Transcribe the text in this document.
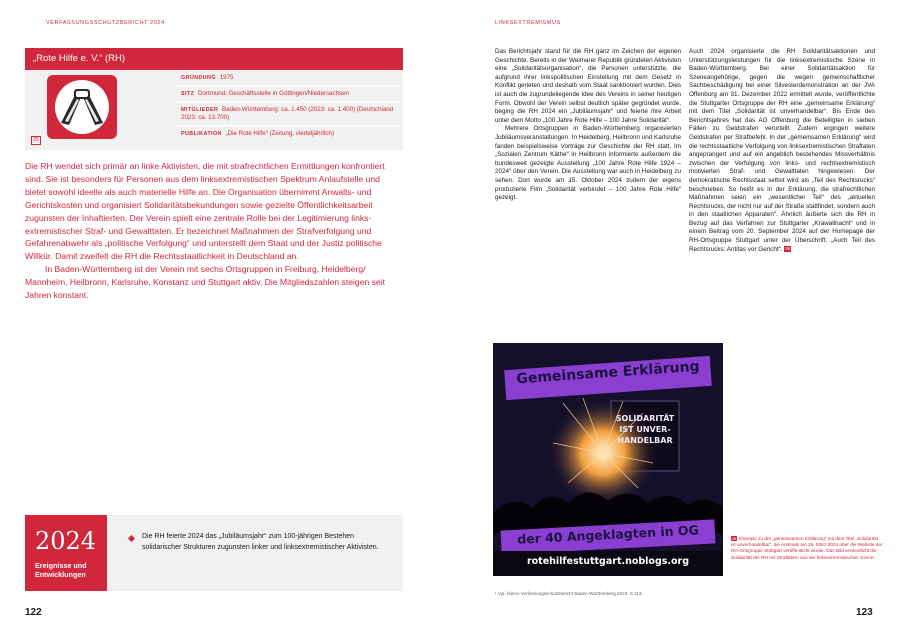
VERFASSUNGSSCHUTZBERICHT 2024	LINKSEXTREMISMUS
„Rote Hilfe e. V.“ (RH)
25
GRÜNDUNG 1975
SITZ Dortmund; Geschäftsstelle in Göttingen/Niedersachsen
MITGLIEDER Baden-Württemberg: ca. 1.450 (2023: ca. 1.400) (Deutschland 2023: ca. 13.700)
PUBLIKATION „Die Rote Hilfe“ (Zeitung, vierteljährlich)

Die RH wendet sich primär an linke Aktivisten, die mit strafrechtlichen Ermittlungen konfrontiert sind. Sie ist besonders für Personen aus dem linksextremistischen Spektrum Anlaufstelle und bietet sowohl ideelle als auch materielle Hilfe an. Die Organisation übernimmt Anwalts- und Gerichtskosten und organisiert Solidaritätsbekundungen sowie gezielte Öffentlichkeitsarbeit zugunsten der Inhaftierten. Der Verein spielt eine zentrale Rolle bei der Legitimierung linksextremistischer Straf- und Gewalttaten. Er bezeichnet Maßnahmen der Strafverfolgung und Gefahrenabwehr als „politische Verfolgung“ und unterstellt dem Staat und der Justiz politische Willkür. Damit zweifelt die RH die Rechtsstaatlichkeit in Deutschland an.

In Baden-Württemberg ist der Verein mit sechs Ortsgruppen in Freiburg, Heidelberg/ Mannheim, Heilbronn, Karlsruhe, Konstanz und Stuttgart aktiv. Die Mitgliedszahlen steigen seit Jahren konstant.

2024
Ereignisse und Entwicklungen
Die RH feierte 2024 das „Jubiläumsjahr“ zum 100-jährigen Bestehen solidarischer Strukturen zugunsten linker und linksextremistischer Aktivisten.
122	123

Das Berichtsjahr stand für die RH ganz im Zeichen der eigenen Geschichte. Bereits in der Weimarer Republik gründeten Aktivisten eine „Solidaritätsorganisation“, die Personen unterstützte, die aufgrund ihrer linkspolitischen Einstellung mit dem Gesetz in Konflikt gerieten und deshalb vom Staat sanktioniert wurden. Dies ist auch die zugrundeliegende Idee des Vereins in seiner heutigen Form. Obwohl der Verein selbst deutlich später gegründet wurde, beging die RH 2024 ein „Jubiläumsjahr“ und feierte ihre Arbeit unter dem Motto „100 Jahre Rote Hilfe – 100 Jahre Solidarität“.

Mehrere Ortsgruppen in Baden-Württemberg organisierten Jubiläumsveranstaltungen. In Heidelberg, Heilbronn und Karlsruhe fanden beispielsweise Vorträge zur Geschichte der RH statt. Im „Sozialen Zentrum Käthe“ in Heilbronn informierte außerdem die bundesweit gezeigte Ausstellung „100 Jahre Rote Hilfe 1924 – 2024“ über den Verein. Die Ausstellung war auch in Heidelberg zu sehen. Dort wurde am 15. Oktober 2024 zudem der eigens produzierte Film „Solidarität verbindet – 100 Jahre Rote Hilfe“ gezeigt.

Auch 2024 organisierte die RH Solidaritätsaktionen und Unterstützungsleistungen für die linksextremistische Szene in Baden-Württemberg. Bei einer Solidaritätsaktion für Szeneangehörige, gegen die wegen gemeinschaftlicher Sachbeschädigung bei einer Silvesterdemonstration an der JVA Offenburg am 31. Dezember 2022 ermittelt wurde, veröffentlichte die Stuttgarter Ortsgruppe der RH eine „gemeinsame Erklärung“ mit dem Titel „Solidarität ist unverhandelbar“. Bis Ende des Berichtsjahres hat das AG Offenburg die Beteiligten in sieben Fällen zu Geldstrafen verurteilt. Zudem ergingen weitere Geldstrafen per Strafbefehl. In der „gemeinsamen Erklärung“ wird die rechtsstaatliche Verfolgung von linksextremistischen Straftaten angeprangert und auf ein angeblich bestehendes Missverhältnis zwischen der Verfolgung von links- und rechtsextremistisch motivierten Straf- und Gewalttaten hingewiesen. Der demokratische Rechtsstaat selbst wird als „Teil des Rechtsrucks“ beschrieben. So heißt es in der Erklärung, die strafrechtlichen Maßnahmen seien ein „wesentlicher Teil“ des „aktuellen Rechtsrucks, der nicht nur auf der Straße stattfindet, sondern auch in den staatlichen Apparaten“. Ähnlich äußerte sich die RH in Bezug auf das Verfahren zur Stuttgarter „Krawallnacht“ und in einem Beitrag vom 20. September 2024 auf der Homepage der RH-Ortsgruppe Stuttgart unter der Überschrift: „Auch Teil des Rechtsrucks: Antifas vor Gericht“. 26

Gemeinsame Erklärung
SOLIDARITÄT
IST UNVER-
HANDELBAR
der 40 Angeklagten in OG
rotehilfestuttgart.noblogs.org
26 Sharepic zu der „gemeinsamen Erklärung“ mit dem Titel „Solidarität ist unverhandelbar“, die erstmals am 26. März 2024 über die Website der RH-Ortsgruppe Stuttgart veröffentlicht wurde. Das Bild verdeutlicht die Solidarität der RH mit Straftätern aus der linksextremistischen Szene.
¹ Vgl. hierzu Verfassungsschutzbericht Baden-Württemberg 2023, S.113.
